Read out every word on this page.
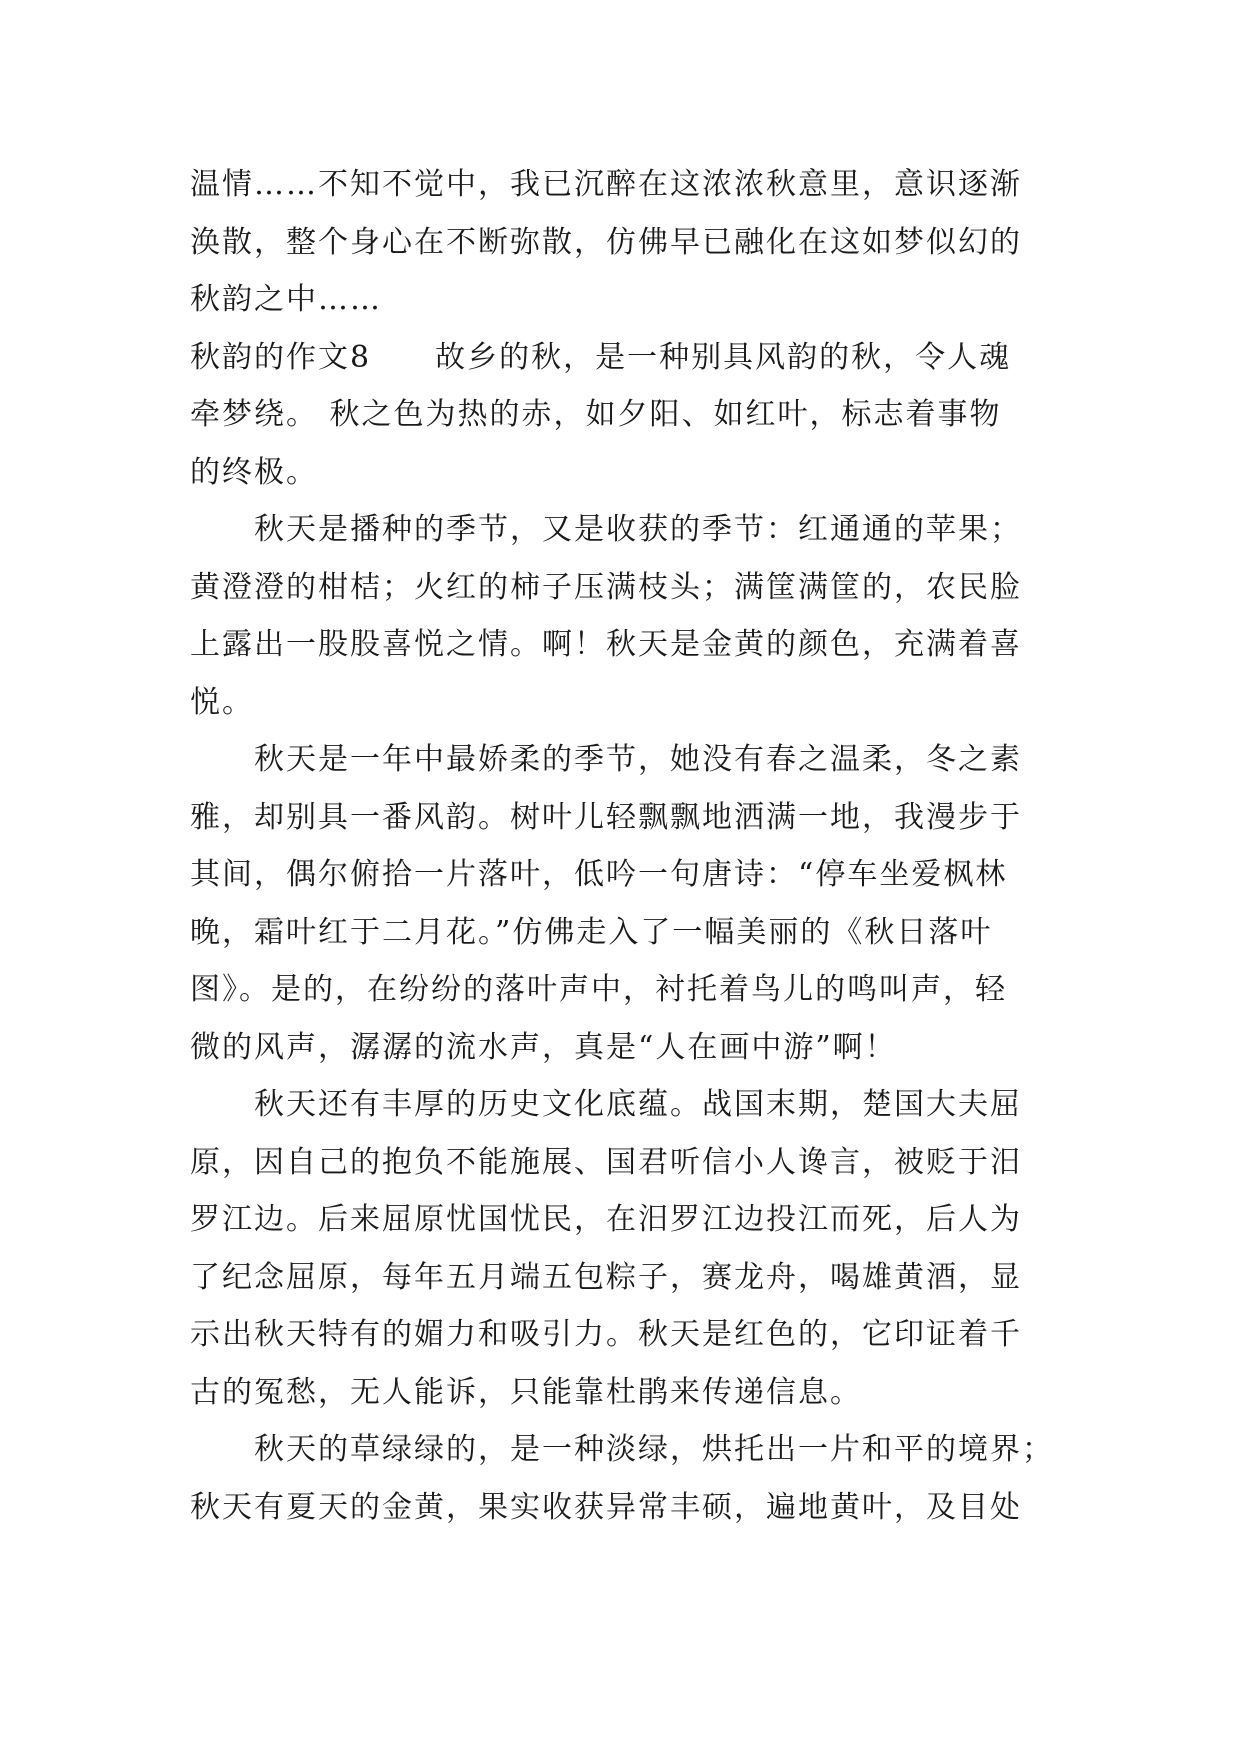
温情……不知不觉中，我已沉醉在这浓浓秋意里，意识逐渐
涣散，整个身心在不断弥散，仿佛早已融化在这如梦似幻的
秋韵之中……
秋韵的作文8 故乡的秋，是一种别具风韵的秋，令人魂
牵梦绕。 秋之色为热的赤，如夕阳、如红叶，标志着事物
的终极。
秋天是播种的季节，又是收获的季节：红通通的苹果；
黄澄澄的柑桔；火红的柿子压满枝头；满筐满筐的，农民脸
上露出一股股喜悦之情。啊！秋天是金黄的颜色，充满着喜
悦。
秋天是一年中最娇柔的季节，她没有春之温柔，冬之素
雅，却别具一番风韵。树叶儿轻飘飘地洒满一地，我漫步于
其间，偶尔俯拾一片落叶，低吟一句唐诗：“停车坐爱枫林
晚，霜叶红于二月花。”仿佛走入了一幅美丽的《秋日落叶
图》。是的，在纷纷的落叶声中，衬托着鸟儿的鸣叫声，轻
微的风声，潺潺的流水声，真是“人在画中游”啊！
秋天还有丰厚的历史文化底蕴。战国末期，楚国大夫屈
原，因自己的抱负不能施展、国君听信小人谗言，被贬于汨
罗江边。后来屈原忧国忧民，在汨罗江边投江而死，后人为
了纪念屈原，每年五月端五包粽子，赛龙舟，喝雄黄酒，显
示出秋天特有的媚力和吸引力。秋天是红色的，它印证着千
古的冤愁，无人能诉，只能靠杜鹃来传递信息。
秋天的草绿绿的，是一种淡绿，烘托出一片和平的境界；
秋天有夏天的金黄，果实收获异常丰硕，遍地黄叶，及目处
